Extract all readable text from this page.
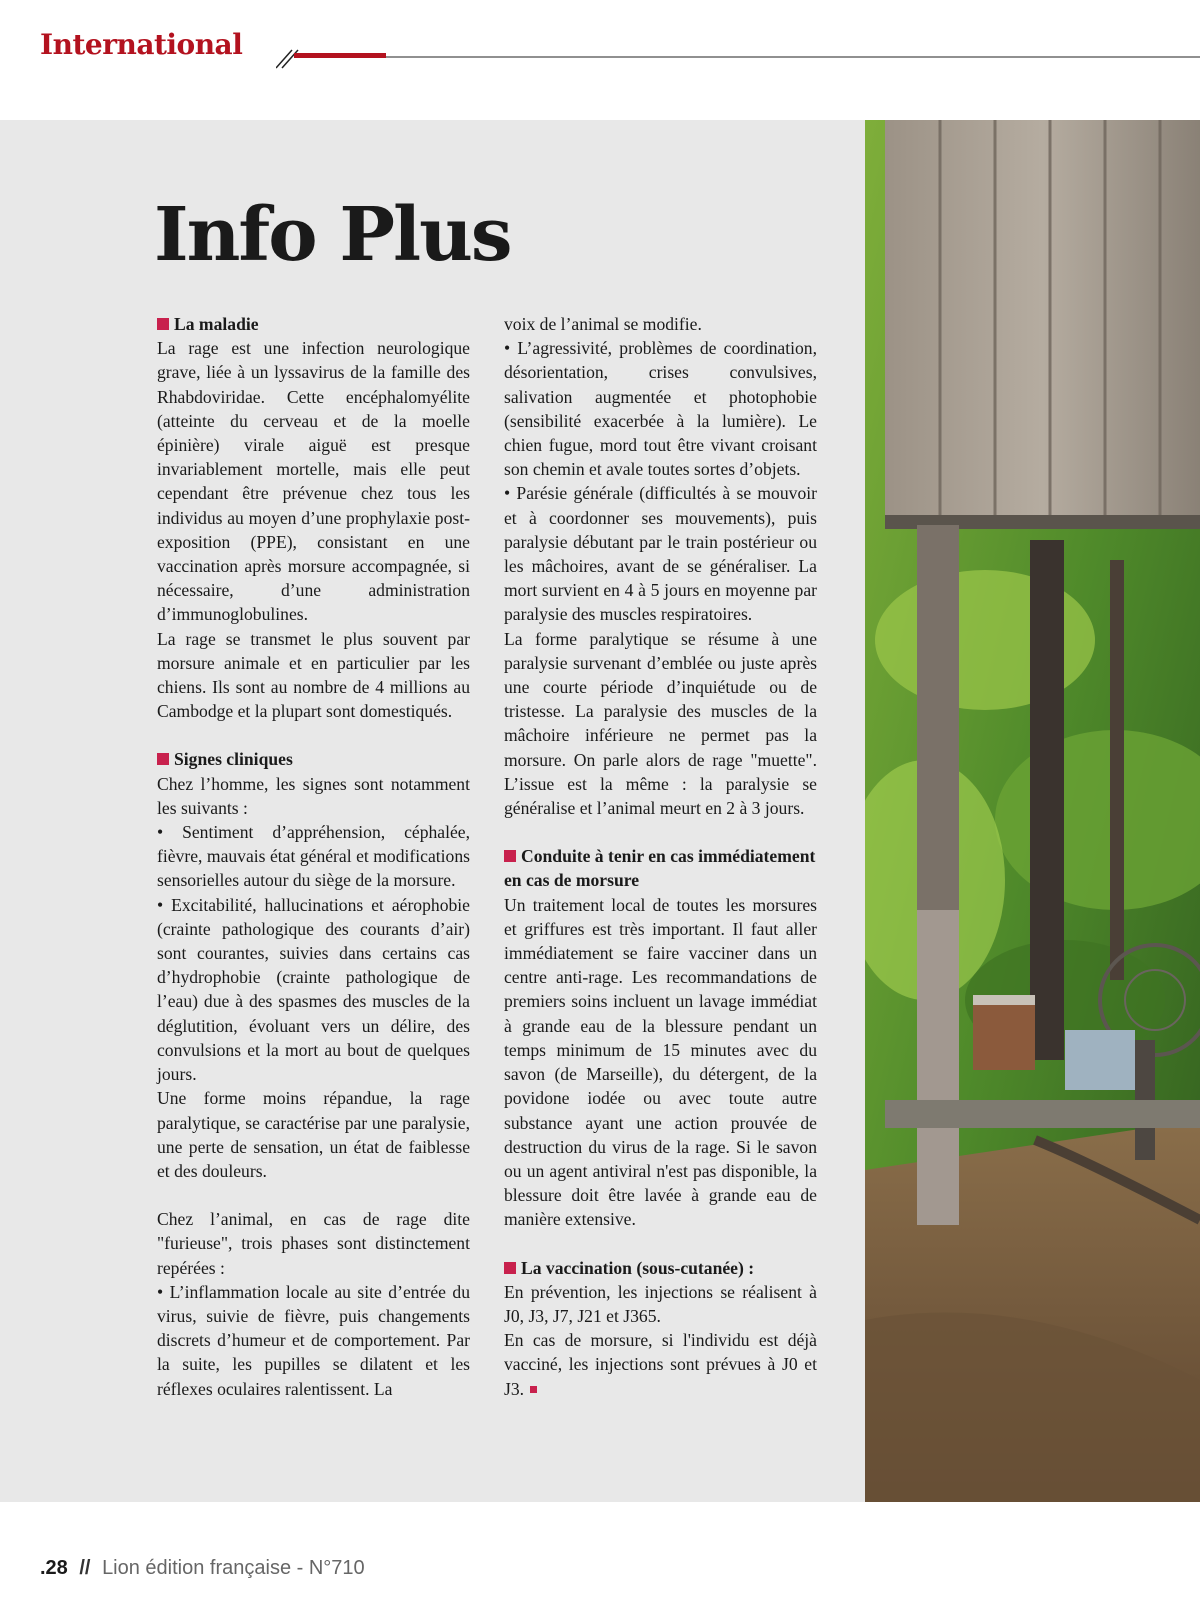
International
Info Plus
La maladie

La rage est une infection neurologique grave, liée à un lyssavirus de la famille des Rhabdoviridae. Cette encéphalomyélite (atteinte du cerveau et de la moelle épinière) virale aiguë est presque invariablement mortelle, mais elle peut cependant être prévenue chez tous les individus au moyen d’une prophylaxie post-exposition (PPE), consistant en une vaccination après morsure accompagnée, si nécessaire, d’une administration d’immunoglobulines.

La rage se transmet le plus souvent par morsure animale et en particulier par les chiens. Ils sont au nombre de 4 millions au Cambodge et la plupart sont domestiqués.

Signes cliniques

Chez l’homme, les signes sont notamment les suivants :

• Sentiment d’appréhension, céphalée, fièvre, mauvais état général et modifications sensorielles autour du siège de la morsure.

• Excitabilité, hallucinations et aérophobie (crainte pathologique des courants d’air) sont courantes, suivies dans certains cas d’hydrophobie (crainte pathologique de l’eau) due à des spasmes des muscles de la déglutition, évoluant vers un délire, des convulsions et la mort au bout de quelques jours.

Une forme moins répandue, la rage paralytique, se caractérise par une paralysie, une perte de sensation, un état de faiblesse et des douleurs.

Chez l’animal, en cas de rage dite "furieuse", trois phases sont distinctement repérées :

• L’inflammation locale au site d’entrée du virus, suivie de fièvre, puis changements discrets d’humeur et de comportement. Par la suite, les pupilles se dilatent et les réflexes oculaires ralentissent. La

voix de l’animal se modifie.

• L’agressivité, problèmes de coordination, désorientation, crises convulsives, salivation augmentée et photophobie (sensibilité exacerbée à la lumière). Le chien fugue, mord tout être vivant croisant son chemin et avale toutes sortes d’objets.

• Parésie générale (difficultés à se mouvoir et à coordonner ses mouvements), puis paralysie débutant par le train postérieur ou les mâchoires, avant de se généraliser. La mort survient en 4 à 5 jours en moyenne par paralysie des muscles respiratoires.

La forme paralytique se résume à une paralysie survenant d’emblée ou juste après une courte période d’inquiétude ou de tristesse. La paralysie des muscles de la mâchoire inférieure ne permet pas la morsure. On parle alors de rage "muette". L’issue est la même : la paralysie se généralise et l’animal meurt en 2 à 3 jours.

Conduite à tenir en cas immédiatement en cas de morsure

Un traitement local de toutes les morsures et griffures est très important. Il faut aller immédiatement se faire vacciner dans un centre anti-rage. Les recommandations de premiers soins incluent un lavage immédiat à grande eau de la blessure pendant un temps minimum de 15 minutes avec du savon (de Marseille), du détergent, de la povidone iodée ou avec toute autre substance ayant une action prouvée de destruction du virus de la rage. Si le savon ou un agent antiviral n'est pas disponible, la blessure doit être lavée à grande eau de manière extensive.

La vaccination (sous-cutanée) :

En prévention, les injections se réalisent à J0, J3, J7, J21 et J365.

En cas de morsure, si l'individu est déjà vacciné, les injections sont prévues à J0 et J3.

.28 // Lion édition française - N°710
